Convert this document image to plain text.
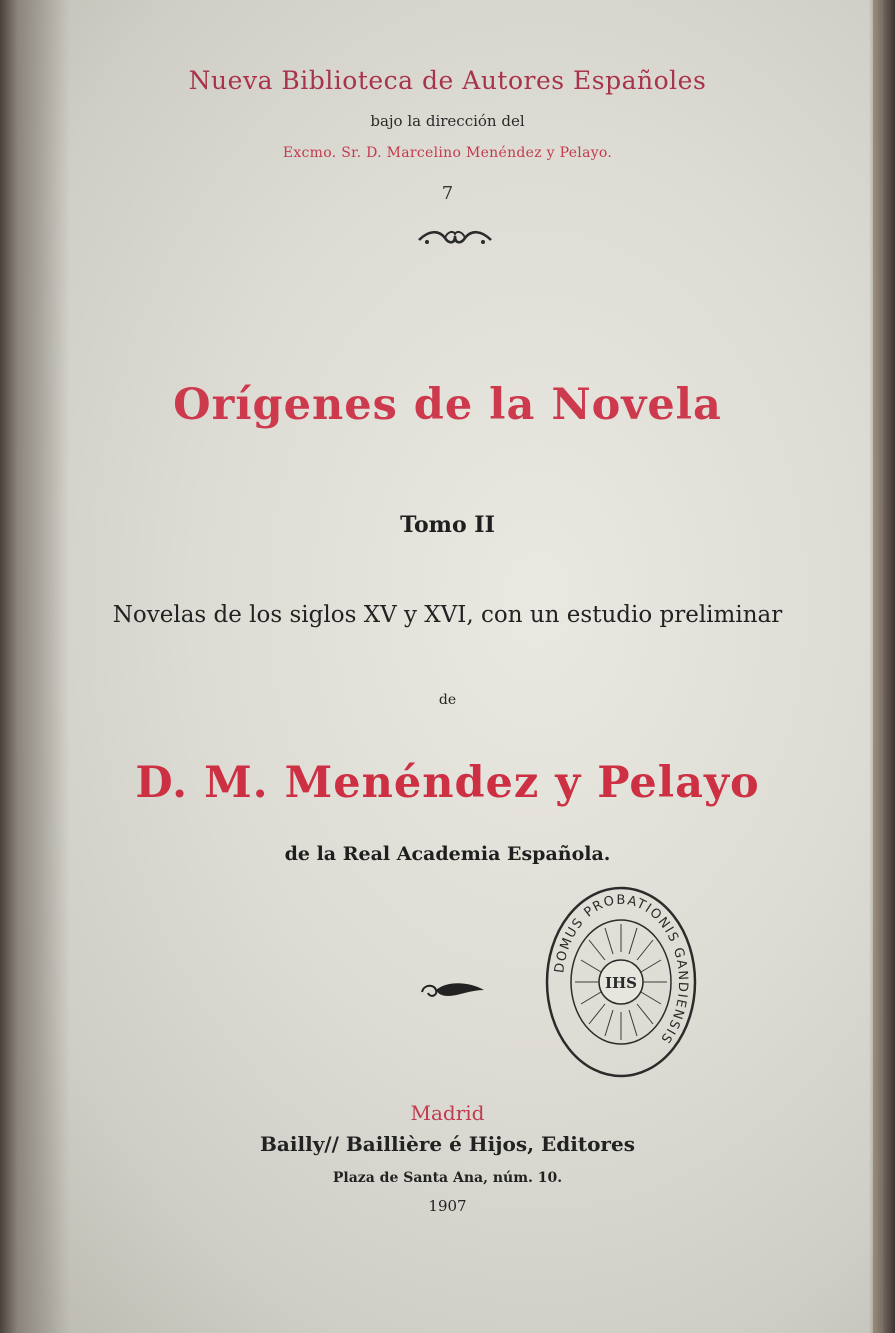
Nueva Biblioteca de Autores Españoles
bajo la dirección del
Excmo. Sr. D. Marcelino Menéndez y Pelayo.
7
Orígenes de la Novela
Tomo II
Novelas de los siglos XV y XVI, con un estudio preliminar
de
D. M. Menéndez y Pelayo
de la Real Academia Española.
IHS
DOMUS PROBATIONIS GANDIENSIS
Madrid
Bailly// Baillière é Hijos, Editores
Plaza de Santa Ana, núm. 10.
1907
